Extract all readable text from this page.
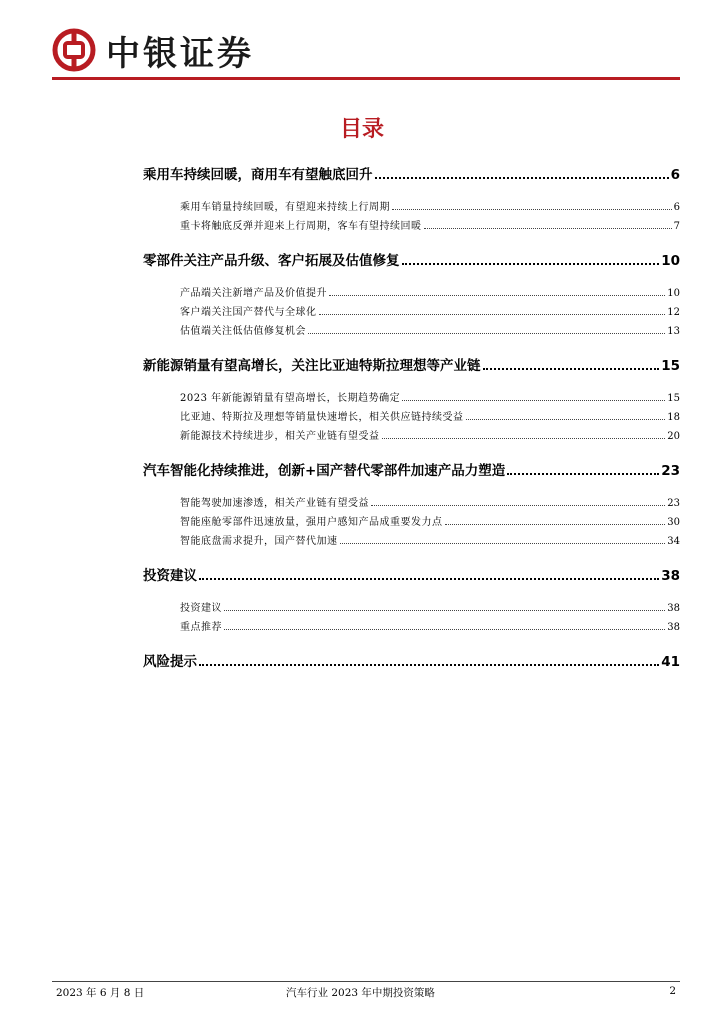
中银证券
目录
乘用车持续回暖，商用车有望触底回升	6
乘用车销量持续回暖，有望迎来持续上行周期	6
重卡将触底反弹并迎来上行周期，客车有望持续回暖	7
零部件关注产品升级、客户拓展及估值修复	10
产品端关注新增产品及价值提升	10
客户端关注国产替代与全球化	12
估值端关注低估值修复机会	13
新能源销量有望高增长，关注比亚迪特斯拉理想等产业链	15
2023 年新能源销量有望高增长，长期趋势确定	15
比亚迪、特斯拉及理想等销量快速增长，相关供应链持续受益	18
新能源技术持续进步，相关产业链有望受益	20
汽车智能化持续推进，创新+国产替代零部件加速产品力塑造	23
智能驾驶加速渗透，相关产业链有望受益	23
智能座舱零部件迅速放量，强用户感知产品成重要发力点	30
智能底盘需求提升，国产替代加速	34
投资建议	38
投资建议	38
重点推荐	38
风险提示	41
2023 年 6 月 8 日	汽车行业 2023 年中期投资策略	2
